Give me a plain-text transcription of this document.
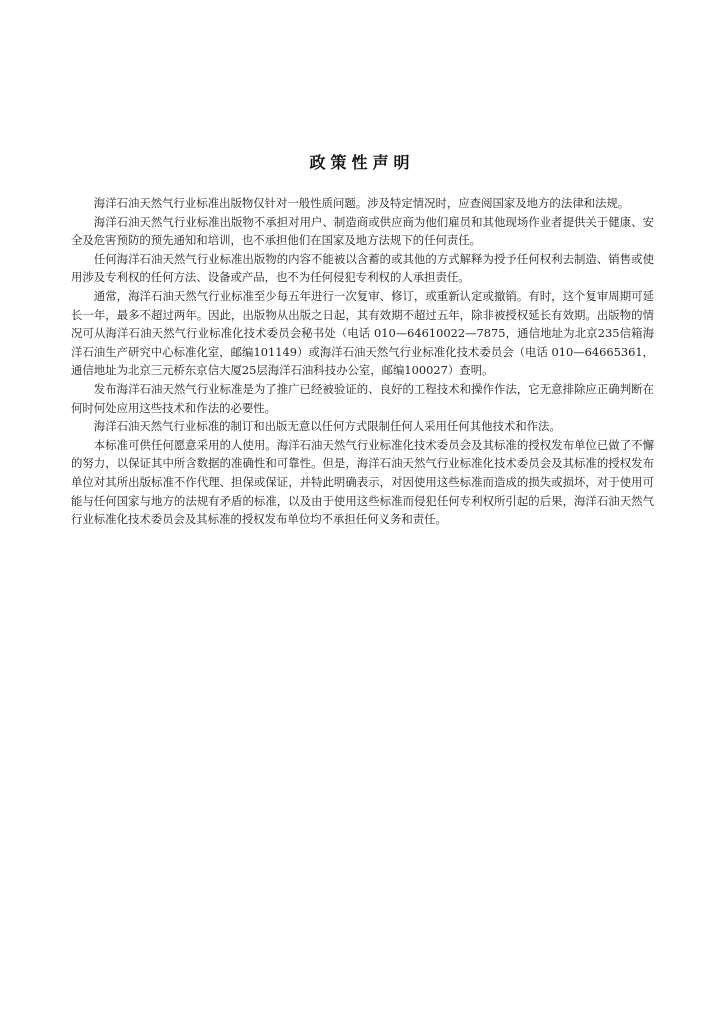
政策性声明

海洋石油天然气行业标准出版物仅针对一般性质问题。涉及特定情况时，应查阅国家及地方的法律和法规。

海洋石油天然气行业标准出版物不承担对用户、制造商或供应商为他们雇员和其他现场作业者提供关于健康、安全及危害预防的预先通知和培训，也不承担他们在国家及地方法规下的任何责任。

任何海洋石油天然气行业标准出版物的内容不能被以含蓄的或其他的方式解释为授予任何权利去制造、销售或使用涉及专利权的任何方法、设备或产品，也不为任何侵犯专利权的人承担责任。

通常，海洋石油天然气行业标准至少每五年进行一次复审、修订，或重新认定或撤销。有时，这个复审周期可延长一年，最多不超过两年。因此，出版物从出版之日起，其有效期不超过五年，除非被授权延长有效期。出版物的情况可从海洋石油天然气行业标准化技术委员会秘书处（电话 010—64610022—7875，通信地址为北京235信箱海洋石油生产研究中心标准化室，邮编101149）或海洋石油天然气行业标准化技术委员会（电话 010—64665361，通信地址为北京三元桥东京信大厦25层海洋石油科技办公室，邮编100027）查明。

发布海洋石油天然气行业标准是为了推广已经被验证的、良好的工程技术和操作作法，它无意排除应正确判断在何时何处应用这些技术和作法的必要性。

海洋石油天然气行业标准的制订和出版无意以任何方式限制任何人采用任何其他技术和作法。

本标准可供任何愿意采用的人使用。海洋石油天然气行业标准化技术委员会及其标准的授权发布单位已做了不懈的努力，以保证其中所含数据的准确性和可靠性。但是，海洋石油天然气行业标准化技术委员会及其标准的授权发布单位对其所出版标准不作代理、担保或保证，并特此明确表示，对因使用这些标准而造成的损失或损坏，对于使用可能与任何国家与地方的法规有矛盾的标准，以及由于使用这些标准而侵犯任何专利权所引起的后果，海洋石油天然气行业标准化技术委员会及其标准的授权发布单位均不承担任何义务和责任。
